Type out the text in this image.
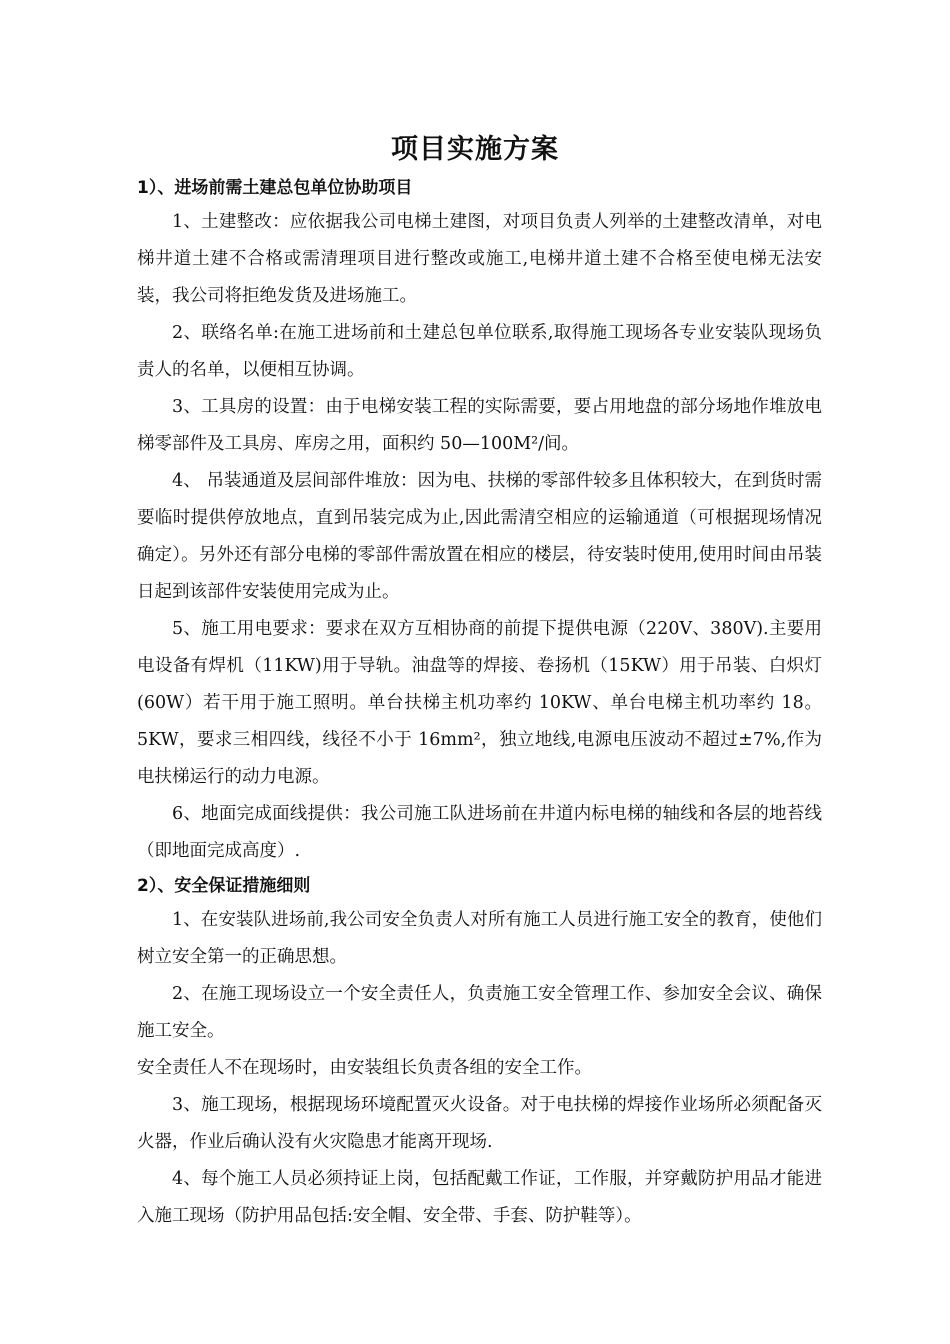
项目实施方案
1）、进场前需土建总包单位协助项目

1、土建整改：应依据我公司电梯土建图，对项目负责人列举的土建整改清单，对电梯井道土建不合格或需清理项目进行整改或施工,电梯井道土建不合格至使电梯无法安装，我公司将拒绝发货及进场施工。

2、联络名单:在施工进场前和土建总包单位联系,取得施工现场各专业安装队现场负责人的名单，以便相互协调。

3、工具房的设置：由于电梯安装工程的实际需要，要占用地盘的部分场地作堆放电梯零部件及工具房、库房之用，面积约 50—100M²/间。

4、 吊装通道及层间部件堆放：因为电、扶梯的零部件较多且体积较大，在到货时需要临时提供停放地点，直到吊装完成为止,因此需清空相应的运输通道（可根据现场情况确定）。另外还有部分电梯的零部件需放置在相应的楼层，待安装时使用,使用时间由吊装日起到该部件安装使用完成为止。

5、施工用电要求：要求在双方互相协商的前提下提供电源（220V、380V).主要用电设备有焊机（11KW)用于导轨。油盘等的焊接、卷扬机（15KW）用于吊装、白炽灯(60W）若干用于施工照明。单台扶梯主机功率约 10KW、单台电梯主机功率约 18。5KW，要求三相四线，线径不小于 16mm²，独立地线,电源电压波动不超过±7%,作为电扶梯运行的动力电源。

6、地面完成面线提供：我公司施工队进场前在井道内标电梯的轴线和各层的地苔线（即地面完成高度）.

2）、安全保证措施细则

1、在安装队进场前,我公司安全负责人对所有施工人员进行施工安全的教育，使他们树立安全第一的正确思想。

2、在施工现场设立一个安全责任人，负责施工安全管理工作、参加安全会议、确保施工安全。

安全责任人不在现场时，由安装组长负责各组的安全工作。

3、施工现场，根据现场环境配置灭火设备。对于电扶梯的焊接作业场所必须配备灭火器，作业后确认没有火灾隐患才能离开现场.

4、每个施工人员必须持证上岗，包括配戴工作证，工作服，并穿戴防护用品才能进入施工现场（防护用品包括:安全帽、安全带、手套、防护鞋等）。
